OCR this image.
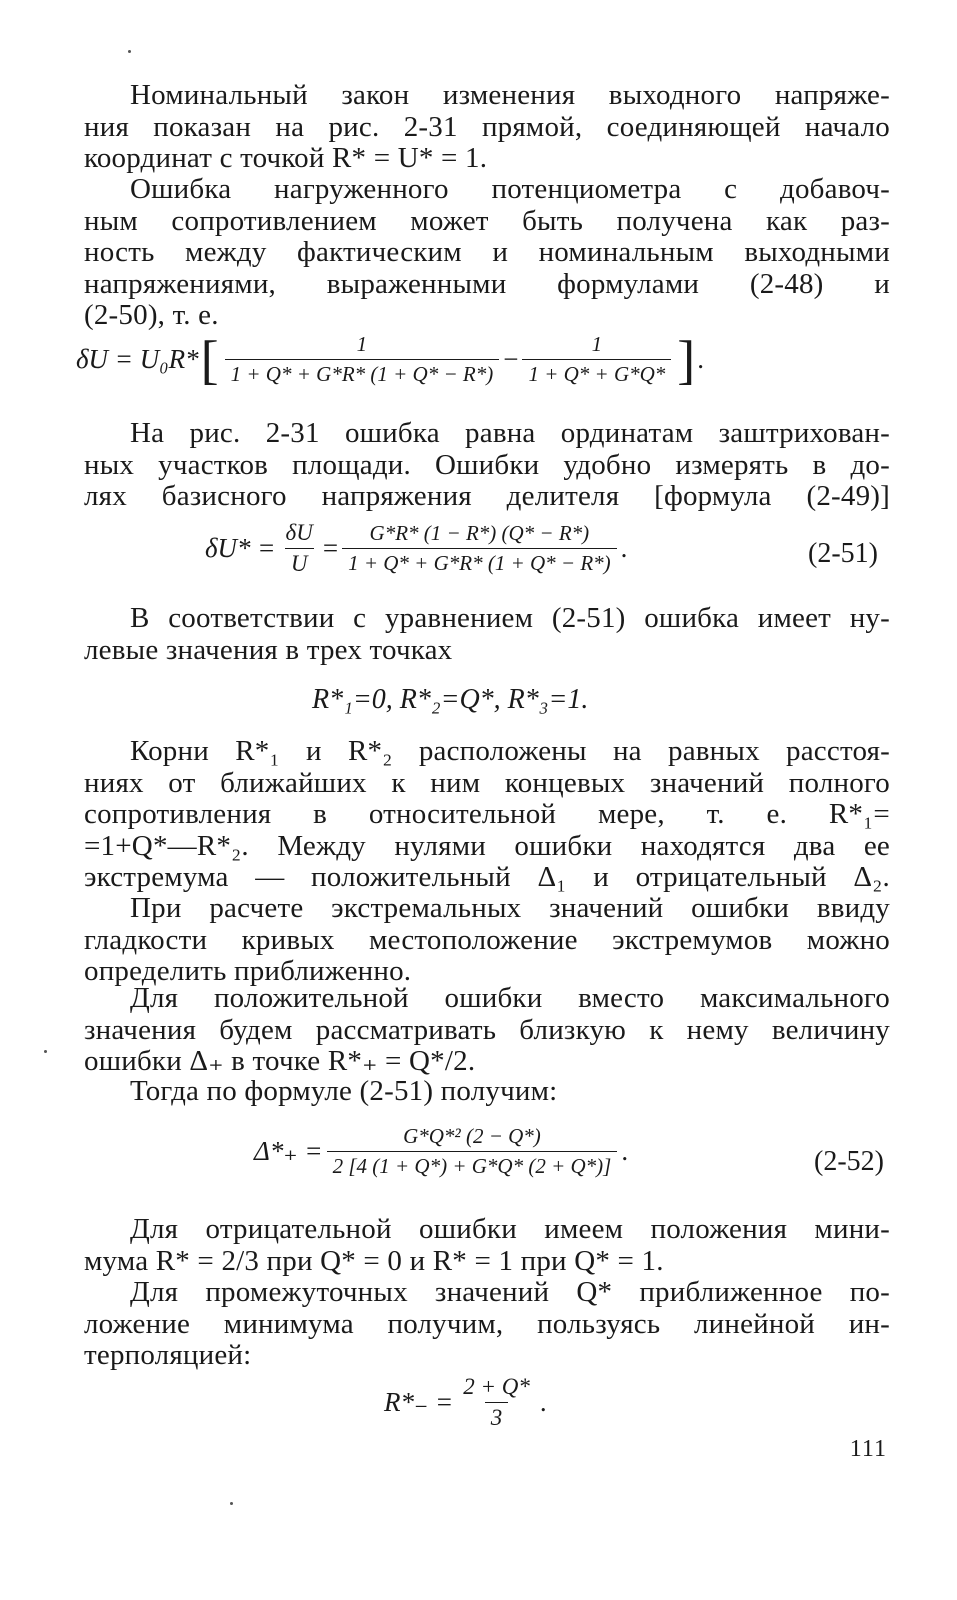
Номинальный закон изменения выходного напряже-
ния показан на рис. 2-31 прямой, соединяющей начало
координат с точкой R* = U* = 1.
Ошибка нагруженного потенциометра с добавоч-
ным сопротивлением может быть получена как раз-
ность между фактическим и номинальным выходными
напряжениями, выраженными формулами (2-48) и
(2-50), т. е.
δU = U₀R* [ $\frac{1}{1 + Q* + G*R* (1 + Q* - R*)} - \frac{1}{1 + Q* + G*Q*}$ ] .
На рис. 2-31 ошибка равна ординатам заштрихован-
ных участков площади. Ошибки удобно измерять в до-
лях базисного напряжения делителя [формула (2-49)]
$\delta U* = \frac{\delta U}{U} = \frac{G*R* (1 - R*) (Q* - R*)}{1 + Q* + G*R* (1 + Q* - R*)}$ .	(2-51)
В соответствии с уравнением (2-51) ошибка имеет ну-
левые значения в трех точках
R*₁=0, R*₂=Q*, R*₃=1.
Корни R*₁ и R*₂ расположены на равных расстоя-
ниях от ближайших к ним концевых значений полного
сопротивления в относительной мере, т. е. R*₁=
=1+Q*—R*₂. Между нулями ошибки находятся два ее
экстремума — положительный Δ₁ и отрицательный Δ₂.
При расчете экстремальных значений ошибки ввиду
гладкости кривых местоположение экстремумов можно
определить приближенно.
Для положительной ошибки вместо максимального
значения будем рассматривать близкую к нему величину
ошибки Δ₊ в точке R*₊ = Q*/2.
Тогда по формуле (2-51) получим:
$\Delta*_+ = \frac{\text{G*Q*² (2 − Q*)}}{2 [4 (1 + Q*) + G*Q* (2 + Q*)]}$ .	(2-52)
Для отрицательной ошибки имеем положения мини-
мума R* = 2/3 при Q* = 0 и R* = 1 при Q* = 1.
Для промежуточных значений Q* приближенное по-
ложение минимума получим, пользуясь линейной ин-
терполяцией:
$R*_- = \frac{2 + Q*}{3}$ .
111
